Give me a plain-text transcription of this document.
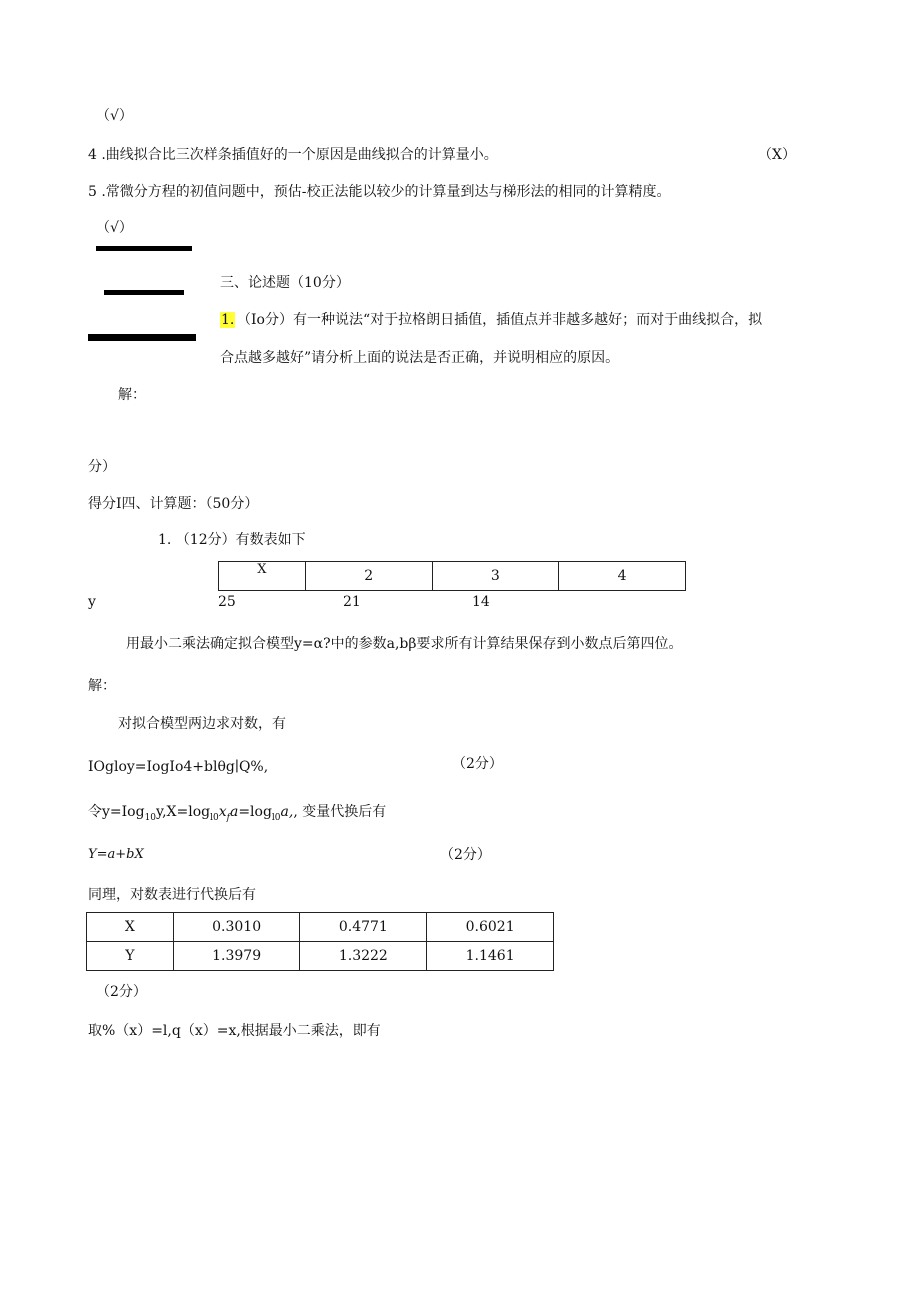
（√）
4 .曲线拟合比三次样条插值好的一个原因是曲线拟合的计算量小。	（X）
5 .常微分方程的初值问题中，预估-校正法能以较少的计算量到达与梯形法的相同的计算精度。
（√）
三、论述题（10分）
1. （Io分）有一种说法“对于拉格朗日插值，插值点并非越多越好；而对于曲线拟合，拟
合点越多越好”请分析上面的说法是否正确，并说明相应的原因。
解：
分）
得分I四、计算题：（50分）
1. （12分）有数表如下
X	2	3	4
y	25	21	14
用最小二乘法确定拟合模型y=α?中的参数a,bβ要求所有计算结果保存到小数点后第四位。
解：
对拟合模型两边求对数，有
IOgloy=IogIo4+blθg∣Q%,	（2分）
令$y=Iog_{10}y,X=\log_{l0}x_fa=\log_{l0}a$,, 变量代换后有
Y=a+bX	（2分）
同理，对数表进行代换后有
X	0.3010	0.4771	0.6021
Y	1.3979	1.3222	1.1461
（2分）
取%（x）=l,q（x）=x,根据最小二乘法，即有
